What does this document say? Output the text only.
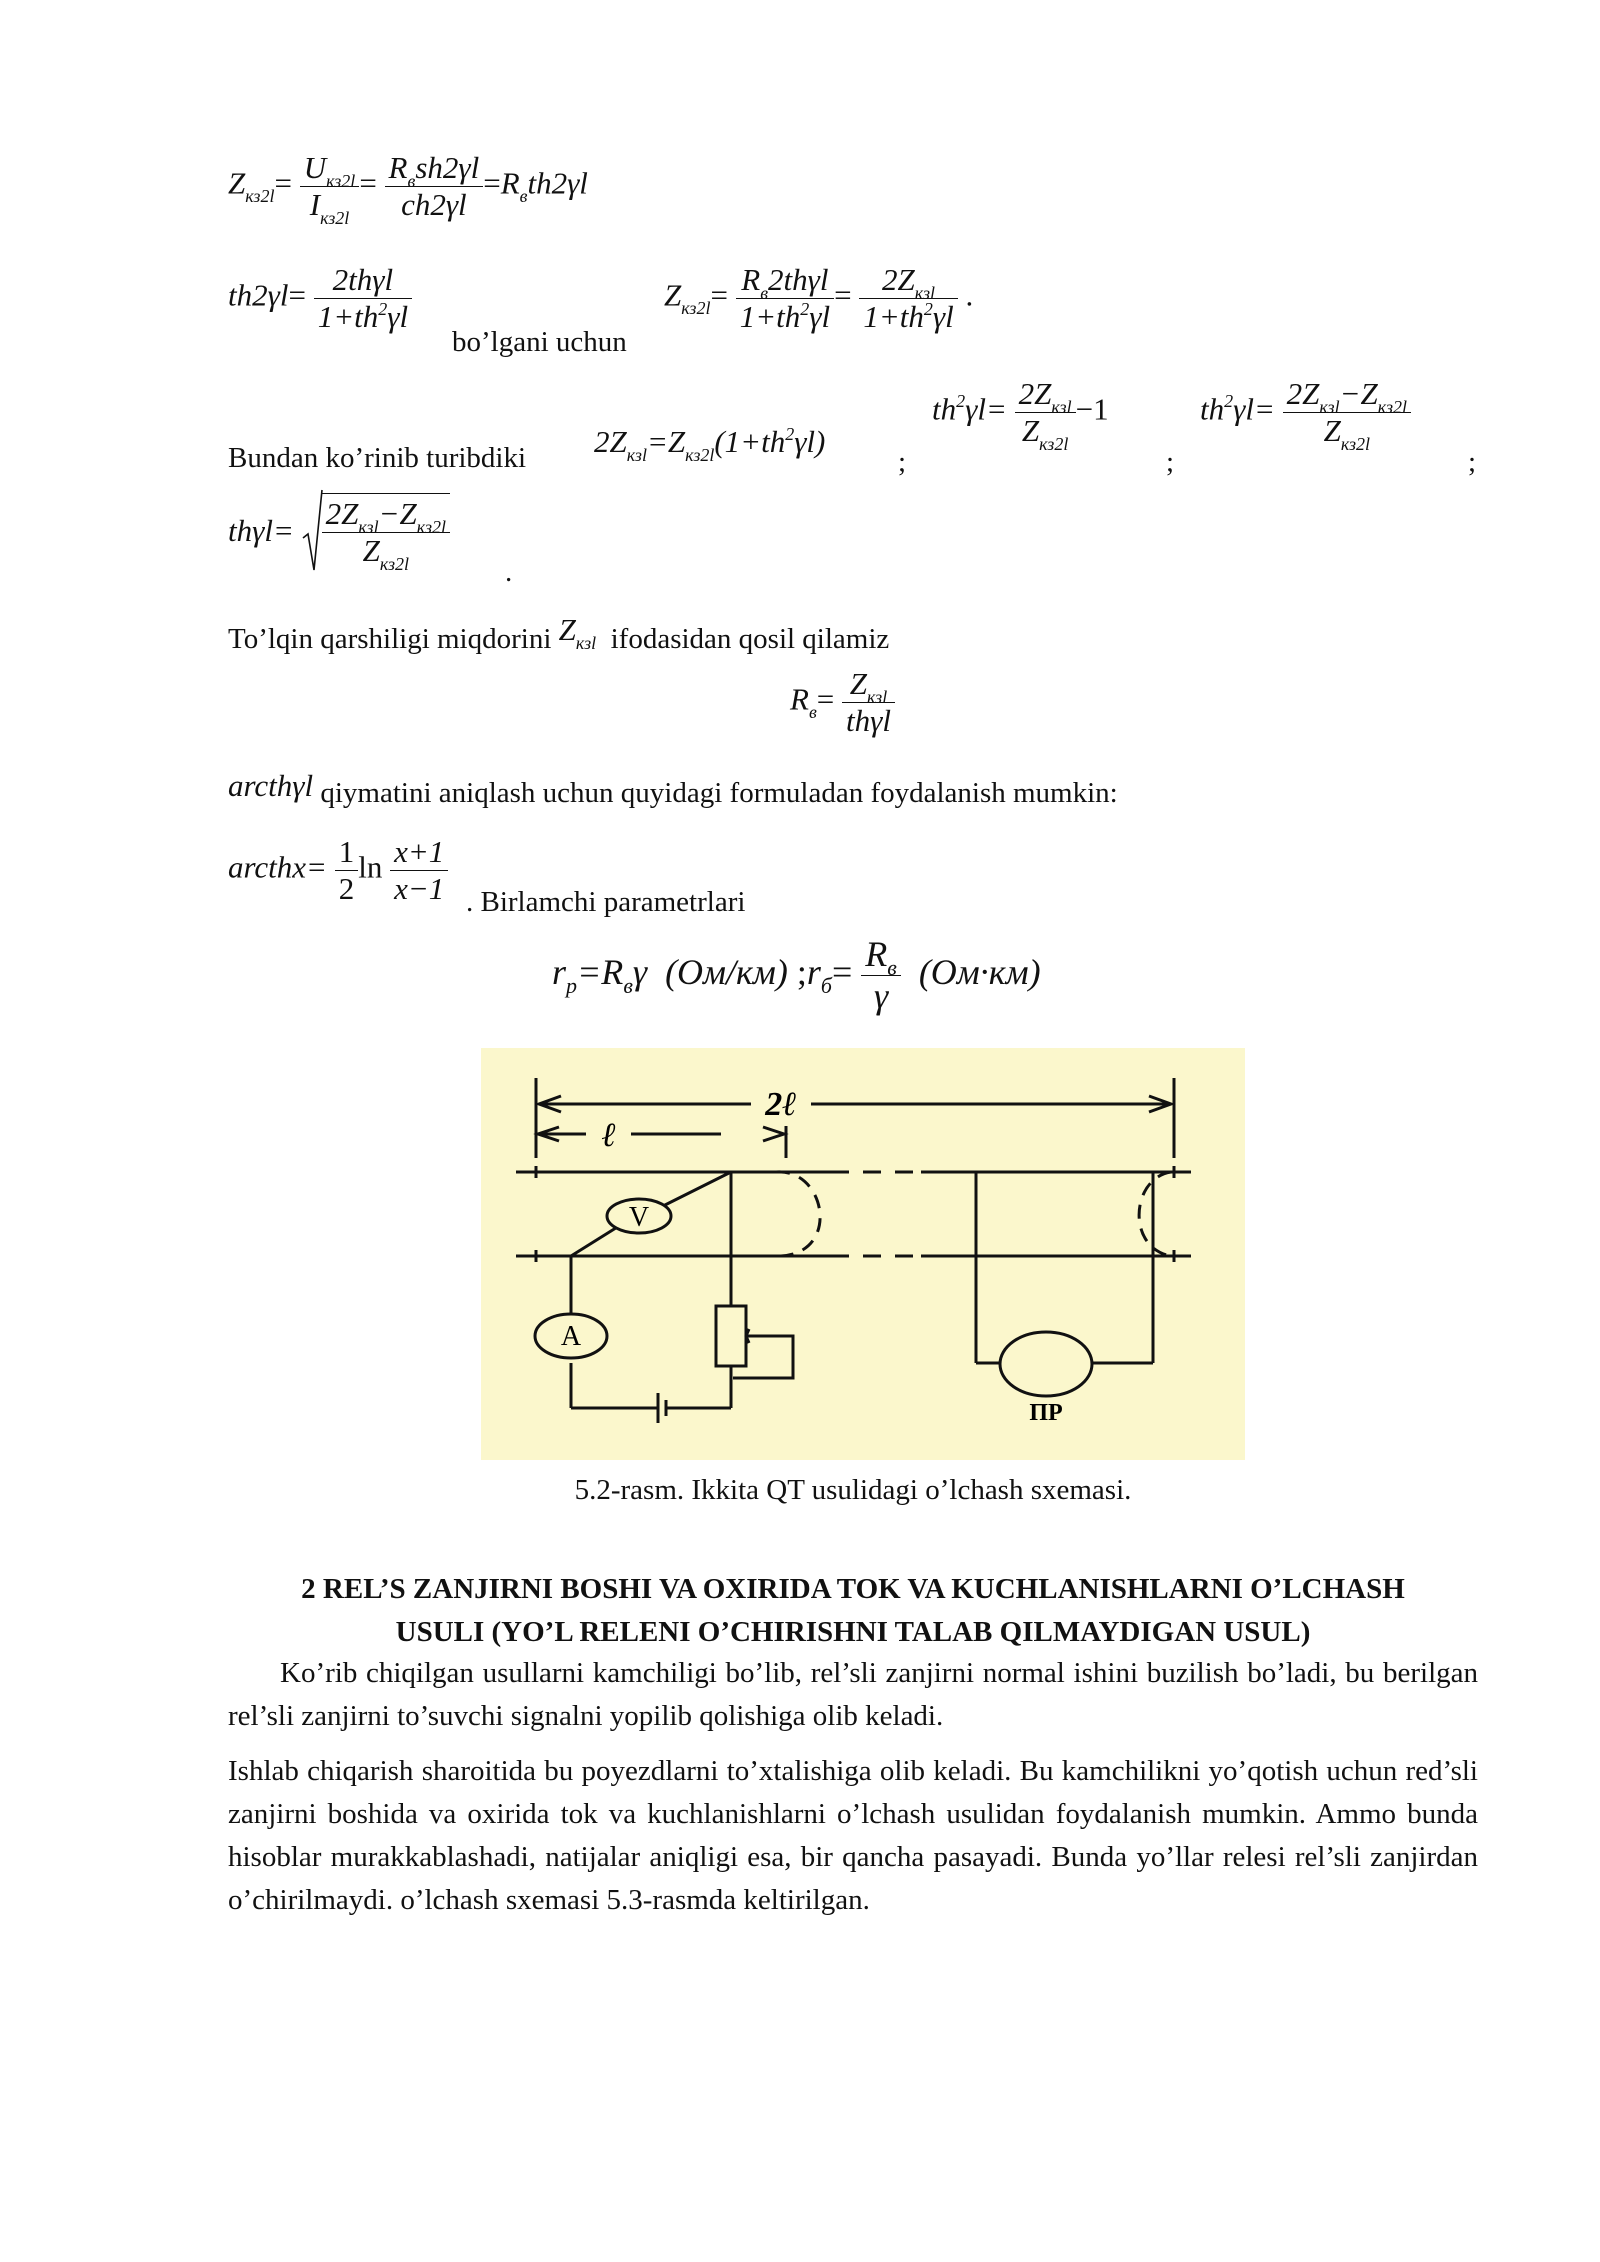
$Z_{кз2l}= \frac{U_{кз2l}}{I_{кз2l}} = \frac{R_вsh2\gamma l}{ch2\gamma l} =R_вth2\gamma l$
$th2\gamma l= \frac{\text{2thγl}}{1+th^2\gamma l}$
bo’lgani uchun
$Z_{кз2l}= \frac{R_в2th\gamma l}{1+th^2\gamma l} = \frac{2Z_{кзl}}{1+th^2\gamma l}$ .
Bundan ko’rinib turibdiki $2Z_{кзl}=Z_{кз2l}(1+th^2\gamma l)$
;
$th^2\gamma l= \frac{2Z_{кзl}}{Z_{кз2l}} -1$
;
$th^2\gamma l= \frac{2Z_{кзl}-Z_{кз2l}}{Z_{кз2l}}$
;
$th\gamma l= \frac{2Z_{кзl}-Z_{кз2l}}{Z_{кз2l}}$
.
To’lqin qarshiligi miqdorini $Z_{кзl}$ ifodasidan qosil qilamiz
$R_в= \frac{Z_{кзl}}{\text{thγl}}$
arcthγl qiymatini aniqlash uchun quyidagi formuladan foydalanish mumkin:
arcthx= $\frac{1}{2}$ $\ln \frac{x+1}{x-1}$ . Birlamchi parametrlari
$r_р=R_в\gamma$ (Ом/км) $;r_б= \frac{R_в}{\gamma} (Ом\cdot км)$
V
A
ПР
2ℓ
ℓ
5.2-rasm. Ikkita QT usulidagi o’lchash sxemasi.
2 REL’S ZANJIRNI BOSHI VA OXIRIDA TOK VA KUCHLANISHLARNI O’LCHASH
USULI (YO’L RELENI O’CHIRISHNI TALAB QILMAYDIGAN USUL)
Ko’rib chiqilgan usullarni kamchiligi bo’lib, rel’sli zanjirni normal ishini buzilish bo’ladi, bu berilgan rel’sli zanjirni to’suvchi signalni yopilib qolishiga olib keladi.
Ishlab chiqarish sharoitida bu poyezdlarni to’xtalishiga olib keladi. Bu kamchilikni yo’qotish uchun red’sli zanjirni boshida va oxirida tok va kuchlanishlarni o’lchash usulidan foydalanish mumkin. Ammo bunda hisoblar murakkablashadi, natijalar aniqligi esa, bir qancha pasayadi. Bunda yo’llar relesi rel’sli zanjirdan o’chirilmaydi. o’lchash sxemasi 5.3-rasmda keltirilgan.
